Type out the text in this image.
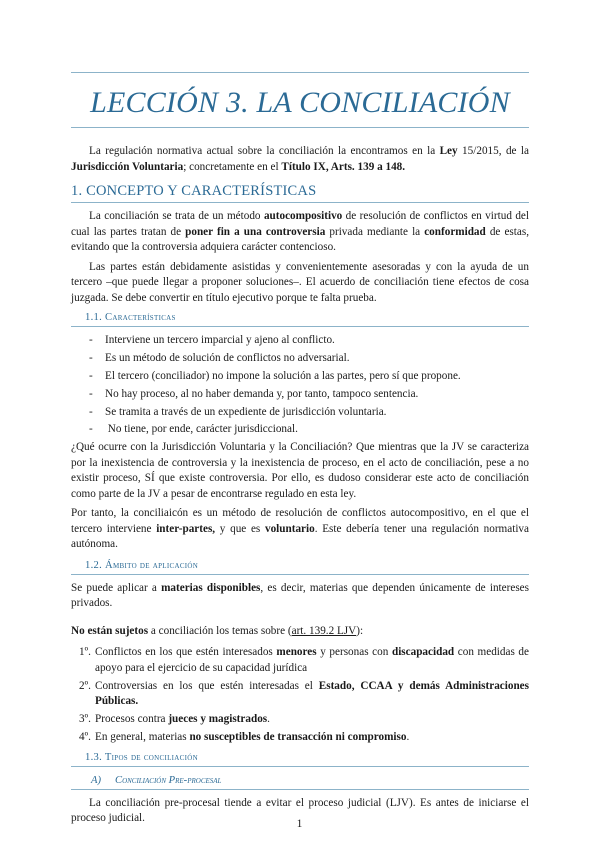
LECCIÓN 3. LA CONCILIACIÓN

La regulación normativa actual sobre la conciliación la encontramos en la Ley 15/2015, de la Jurisdicción Voluntaria; concretamente en el Título IX, Arts. 139 a 148.

1. CONCEPTO Y CARACTERÍSTICAS

La conciliación se trata de un método autocompositivo de resolución de conflictos en virtud del cual las partes tratan de poner fin a una controversia privada mediante la conformidad de estas, evitando que la controversia adquiera carácter contencioso.

Las partes están debidamente asistidas y convenientemente asesoradas y con la ayuda de un tercero –que puede llegar a proponer soluciones–. El acuerdo de conciliación tiene efectos de cosa juzgada. Se debe convertir en título ejecutivo porque te falta prueba.

1.1. Características
- Interviene un tercero imparcial y ajeno al conflicto.
- Es un método de solución de conflictos no adversarial.
- El tercero (conciliador) no impone la solución a las partes, pero sí que propone.
- No hay proceso, al no haber demanda y, por tanto, tampoco sentencia.
- Se tramita a través de un expediente de jurisdicción voluntaria.
- No tiene, por ende, carácter jurisdiccional.

¿Qué ocurre con la Jurisdicción Voluntaria y la Conciliación? Que mientras que la JV se caracteriza por la inexistencia de controversia y la inexistencia de proceso, en el acto de conciliación, pese a no existir proceso, SÍ que existe controversia. Por ello, es dudoso considerar este acto de conciliación como parte de la JV a pesar de encontrarse regulado en esta ley.

Por tanto, la conciliaicón es un método de resolución de conflictos autocompositivo, en el que el tercero interviene inter-partes, y que es voluntario. Este debería tener una regulación normativa autónoma.

1.2. Ámbito de aplicación

Se puede aplicar a materias disponibles, es decir, materias que dependen únicamente de intereses privados.

No están sujetos a conciliación los temas sobre (art. 139.2 LJV):

1º. Conflictos en los que estén interesados menores y personas con discapacidad con medidas de apoyo para el ejercicio de su capacidad jurídica
2º. Controversias en los que estén interesadas el Estado, CCAA y demás Administraciones Públicas.
3º. Procesos contra jueces y magistrados.
4º. En general, materias no susceptibles de transacción ni compromiso.
1.3. Tipos de conciliación
A) Conciliación Pre-procesal

La conciliación pre-procesal tiende a evitar el proceso judicial (LJV). Es antes de iniciarse el proceso judicial.	1
